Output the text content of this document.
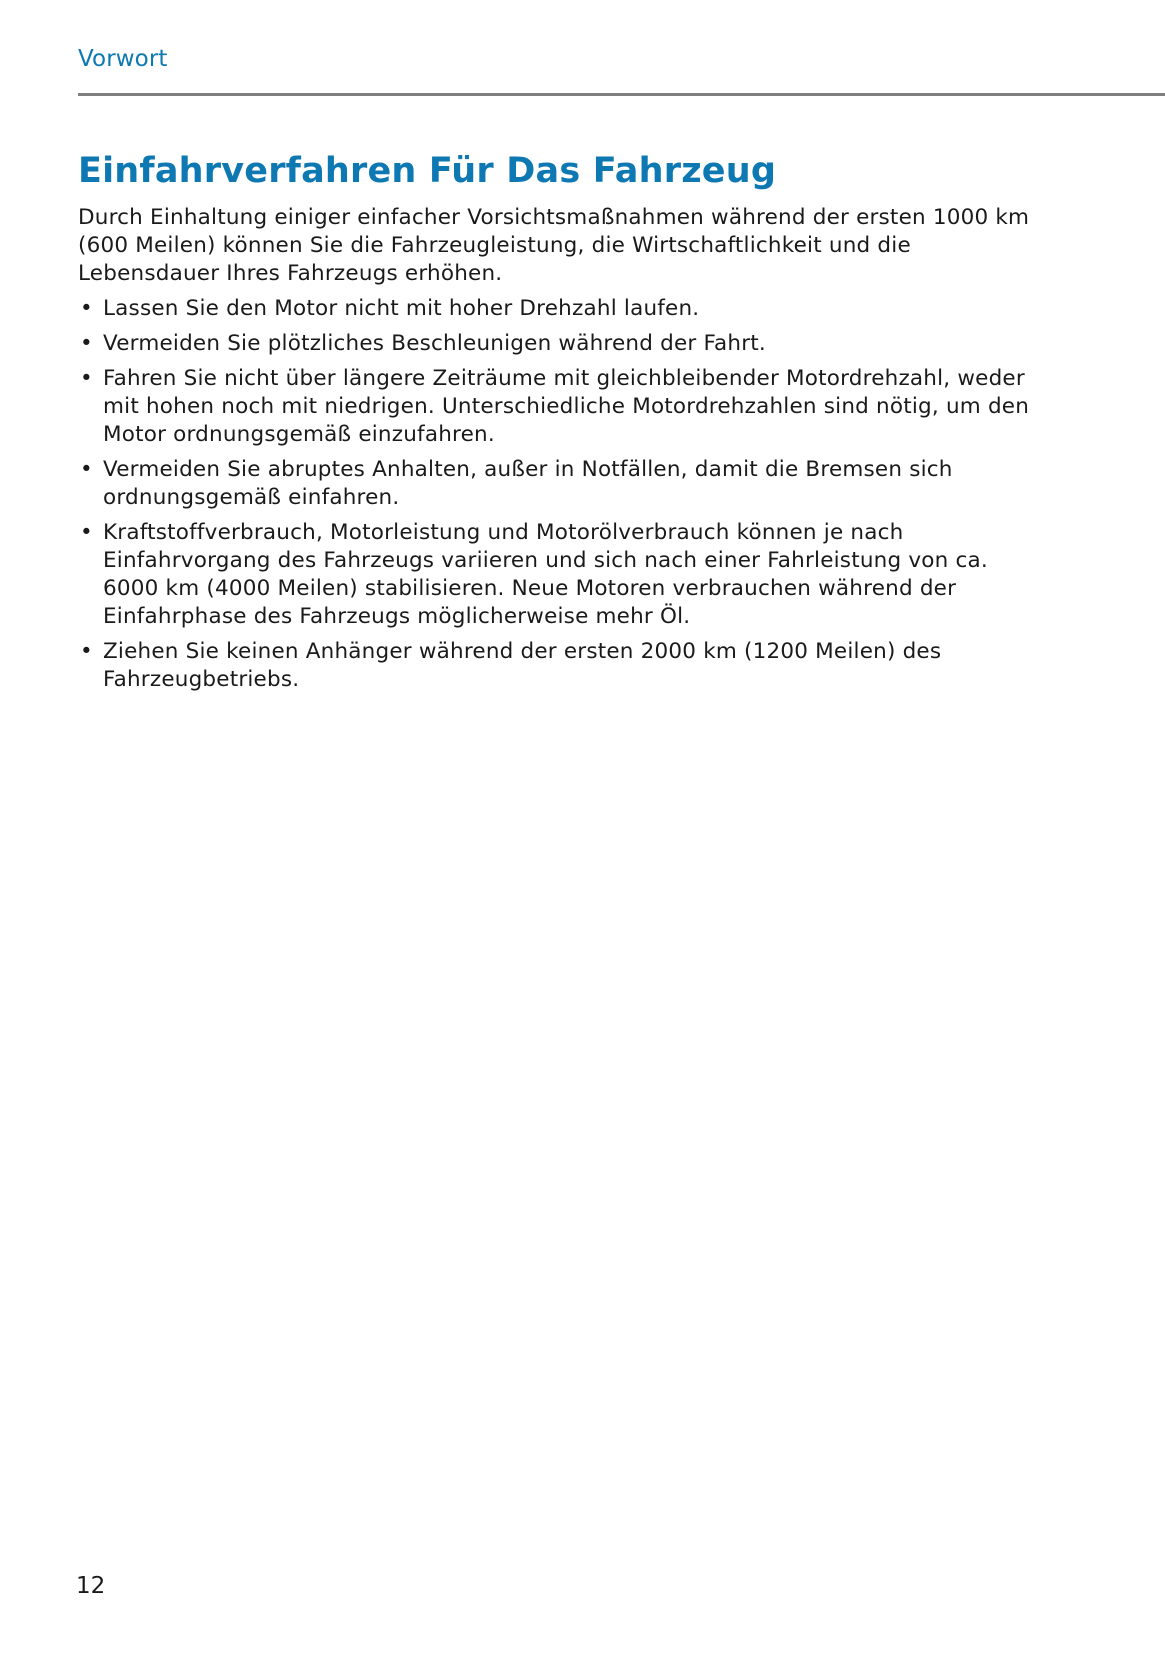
Vorwort
Einfahrverfahren Für Das Fahrzeug

Durch Einhaltung einiger einfacher Vorsichtsmaßnahmen während der ersten 1000 km (600 Meilen) können Sie die Fahrzeugleistung, die Wirtschaftlichkeit und die Lebensdauer Ihres Fahrzeugs erhöhen.

• Lassen Sie den Motor nicht mit hoher Drehzahl laufen.
• Vermeiden Sie plötzliches Beschleunigen während der Fahrt.
• Fahren Sie nicht über längere Zeiträume mit gleichbleibender Motordrehzahl, weder mit hohen noch mit niedrigen. Unterschiedliche Motordrehzahlen sind nötig, um den Motor ordnungsgemäß einzufahren.
• Vermeiden Sie abruptes Anhalten, außer in Notfällen, damit die Bremsen sich ordnungsgemäß einfahren.
• Kraftstoffverbrauch, Motorleistung und Motorölverbrauch können je nach Einfahrvorgang des Fahrzeugs variieren und sich nach einer Fahrleistung von ca. 6000 km (4000 Meilen) stabilisieren. Neue Motoren verbrauchen während der Einfahrphase des Fahrzeugs möglicherweise mehr Öl.
• Ziehen Sie keinen Anhänger während der ersten 2000 km (1200 Meilen) des Fahrzeugbetriebs.
12
